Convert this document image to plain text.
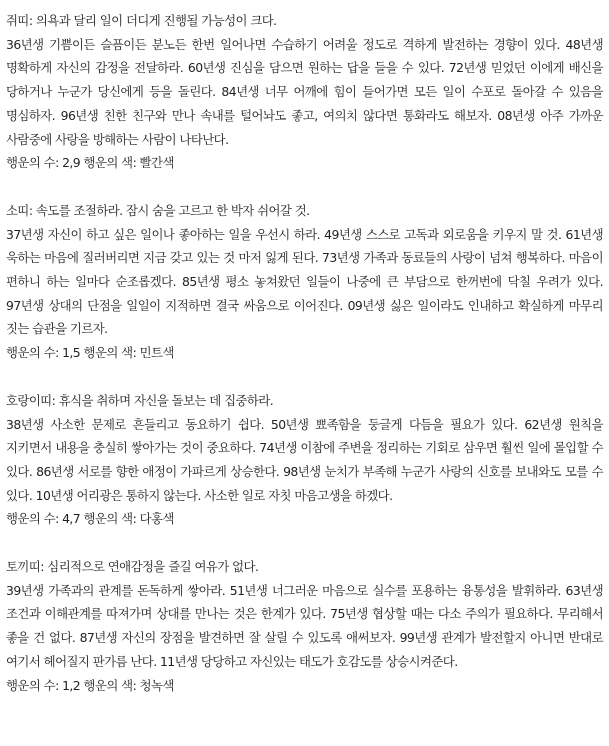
쥐띠: 의욕과 달리 일이 더디게 진행될 가능성이 크다.

36년생 기쁨이든 슬픔이든 분노든 한번 일어나면 수습하기 어려울 정도로 격하게 발전하는 경향이 있다. 48년생 명확하게 자신의 감정을 전달하라. 60년생 진심을 담으면 원하는 답을 들을 수 있다. 72년생 믿었던 이에게 배신을 당하거나 누군가 당신에게 등을 돌린다. 84년생 너무 어깨에 힘이 들어가면 모든 일이 수포로 돌아갈 수 있음을 명심하자. 96년생 친한 친구와 만나 속내를 털어놔도 좋고, 여의치 않다면 통화라도 해보자. 08년생 아주 가까운 사람중에 사랑을 방해하는 사람이 나타난다.

행운의 수: 2,9 행운의 색: 빨간색

소띠: 속도를 조절하라. 잠시 숨을 고르고 한 박자 쉬어갈 것.

37년생 자신이 하고 싶은 일이나 좋아하는 일을 우선시 하라. 49년생 스스로 고독과 외로움을 키우지 말 것. 61년생 욱하는 마음에 질러버리면 지금 갖고 있는 것 마저 잃게 된다. 73년생 가족과 동료들의 사랑이 넘쳐 행복하다. 마음이 편하니 하는 일마다 순조롭겠다. 85년생 평소 놓쳐왔던 일들이 나중에 큰 부담으로 한꺼번에 닥칠 우려가 있다. 97년생 상대의 단점을 일일이 지적하면 결국 싸움으로 이어진다. 09년생 싫은 일이라도 인내하고 확실하게 마무리 짓는 습관을 기르자.

행운의 수: 1,5 행운의 색: 민트색

호랑이띠: 휴식을 취하며 자신을 돌보는 데 집중하라.

38년생 사소한 문제로 흔들리고 동요하기 쉽다. 50년생 뾰족함을 둥글게 다듬을 필요가 있다. 62년생 원칙을 지키면서 내용을 충실히 쌓아가는 것이 중요하다. 74년생 이참에 주변을 정리하는 기회로 삼우면 훨씬 일에 몰입할 수 있다. 86년생 서로를 향한 애정이 가파르게 상승한다. 98년생 눈치가 부족해 누군가 사랑의 신호를 보내와도 모를 수 있다. 10년생 어리광은 통하지 않는다. 사소한 일로 자칫 마음고생을 하겠다.

행운의 수: 4,7 행운의 색: 다홍색

토끼띠: 심리적으로 연애감정을 즐길 여유가 없다.

39년생 가족과의 관계를 돈독하게 쌓아라. 51년생 너그러운 마음으로 실수를 포용하는 융통성을 발휘하라. 63년생 조건과 이해관계를 따져가며 상대를 만나는 것은 한계가 있다. 75년생 협상할 때는 다소 주의가 필요하다. 무리해서 좋을 건 없다. 87년생 자신의 장점을 발견하면 잘 살릴 수 있도록 애써보자. 99년생 관계가 발전할지 아니면 반대로 여기서 헤어질지 판가름 난다. 11년생 당당하고 자신있는 태도가 호감도를 상승시켜준다.

행운의 수: 1,2 행운의 색: 청녹색
